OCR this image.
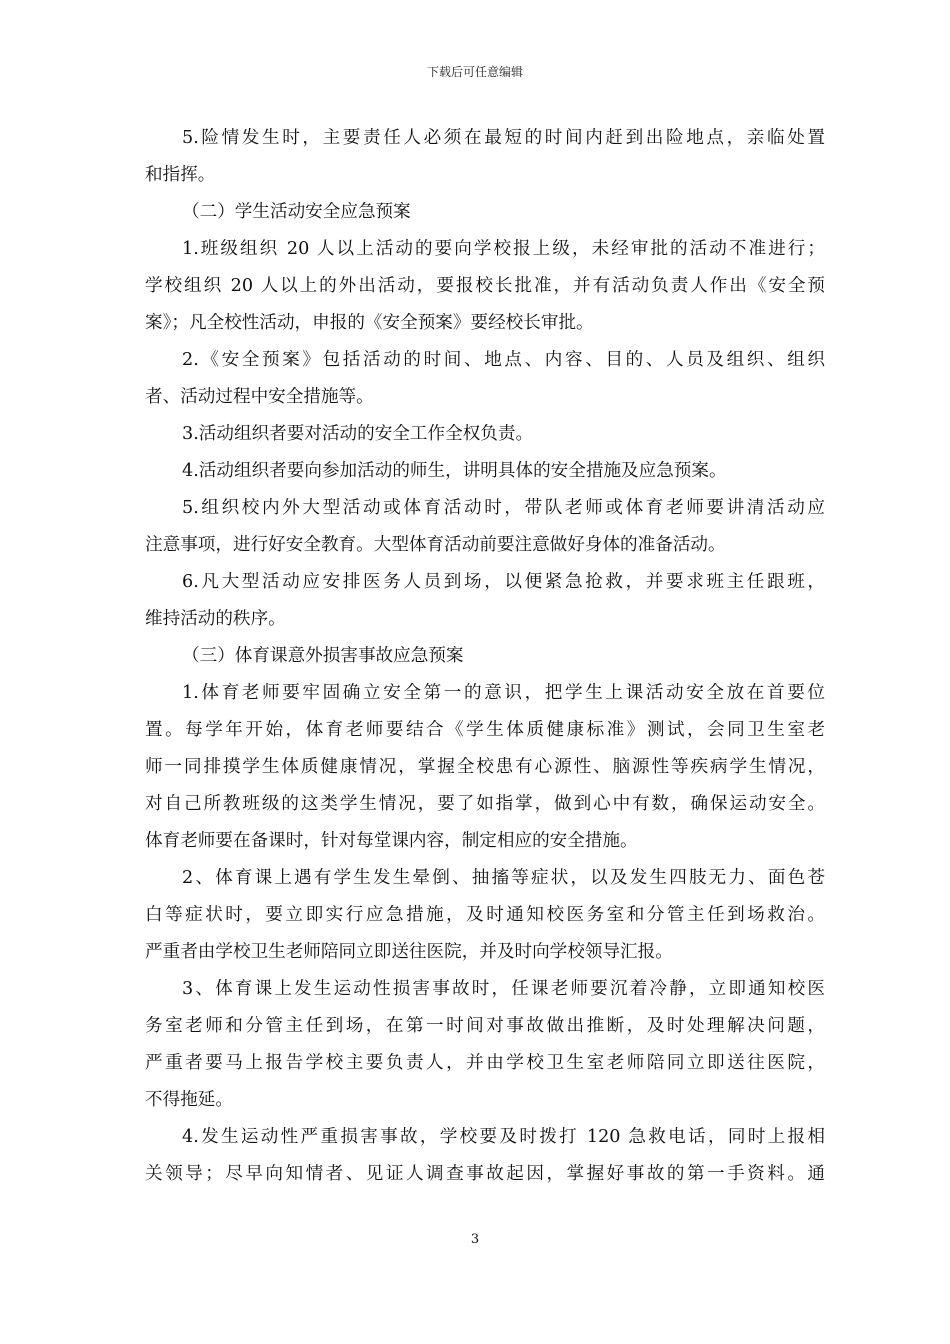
下载后可任意编辑
5.险情发生时，主要责任人必须在最短的时间内赶到出险地点，亲临处置
和指挥。
（二）学生活动安全应急预案
1.班级组织 20 人以上活动的要向学校报上级，未经审批的活动不准进行；
学校组织 20 人以上的外出活动，要报校长批准，并有活动负责人作出《安全预
案》；凡全校性活动，申报的《安全预案》要经校长审批。
2.《安全预案》包括活动的时间、地点、内容、目的、人员及组织、组织
者、活动过程中安全措施等。
3.活动组织者要对活动的安全工作全权负责。
4.活动组织者要向参加活动的师生，讲明具体的安全措施及应急预案。
5.组织校内外大型活动或体育活动时，带队老师或体育老师要讲清活动应
注意事项，进行好安全教育。大型体育活动前要注意做好身体的准备活动。
6.凡大型活动应安排医务人员到场，以便紧急抢救，并要求班主任跟班，
维持活动的秩序。
（三）体育课意外损害事故应急预案
1.体育老师要牢固确立安全第一的意识，把学生上课活动安全放在首要位
置。每学年开始，体育老师要结合《学生体质健康标准》测试，会同卫生室老
师一同排摸学生体质健康情况，掌握全校患有心源性、脑源性等疾病学生情况，
对自己所教班级的这类学生情况，要了如指掌，做到心中有数，确保运动安全。
体育老师要在备课时，针对每堂课内容，制定相应的安全措施。
2、体育课上遇有学生发生晕倒、抽搐等症状，以及发生四肢无力、面色苍
白等症状时，要立即实行应急措施，及时通知校医务室和分管主任到场救治。
严重者由学校卫生老师陪同立即送往医院，并及时向学校领导汇报。
3、体育课上发生运动性损害事故时，任课老师要沉着冷静，立即通知校医
务室老师和分管主任到场，在第一时间对事故做出推断，及时处理解决问题，
严重者要马上报告学校主要负责人，并由学校卫生室老师陪同立即送往医院，
不得拖延。
4.发生运动性严重损害事故，学校要及时拨打 120 急救电话，同时上报相
关领导；尽早向知情者、见证人调查事故起因，掌握好事故的第一手资料。通
3
